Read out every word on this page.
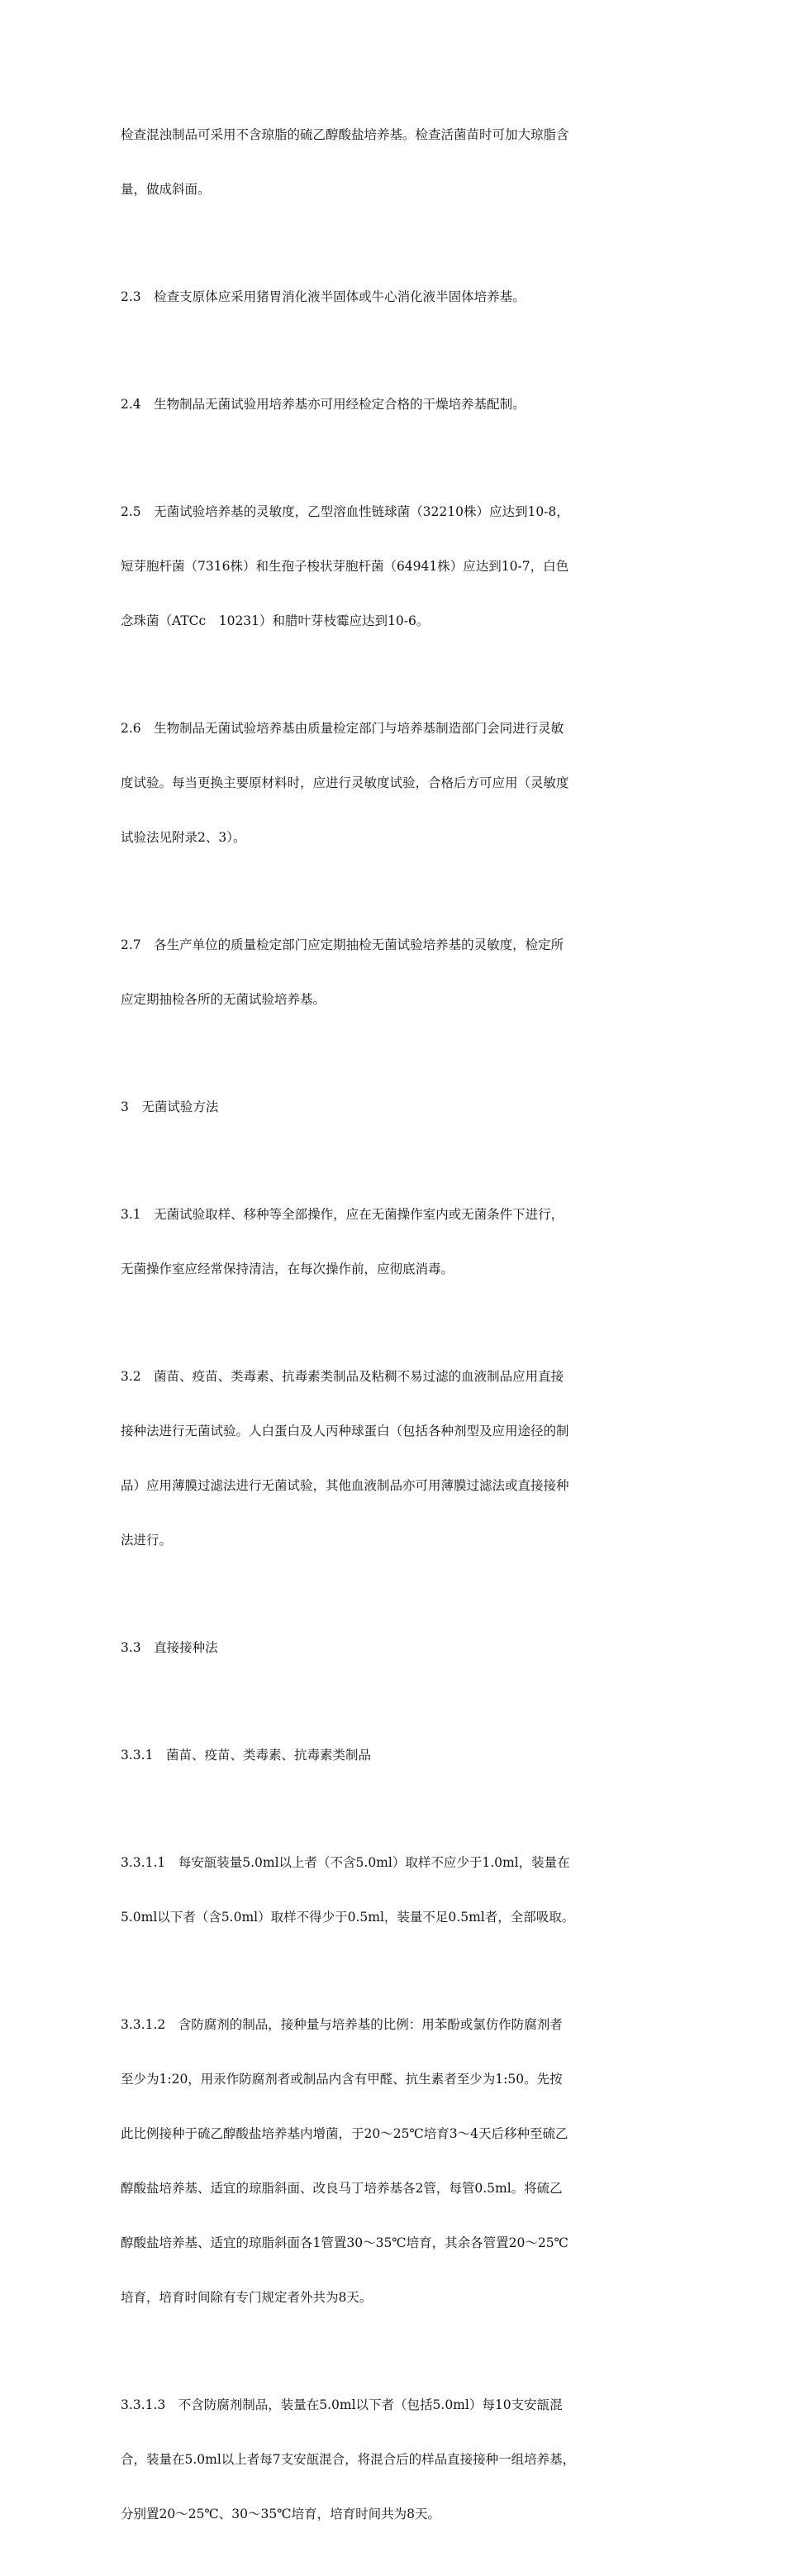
检查混浊制品可采用不含琼脂的硫乙醇酸盐培养基。检查活菌苗时可加大琼脂含

量，做成斜面。

2.3　检查支原体应采用猪胃消化液半固体或牛心消化液半固体培养基。

2.4　生物制品无菌试验用培养基亦可用经检定合格的干燥培养基配制。

2.5　无菌试验培养基的灵敏度，乙型溶血性链球菌（32210株）应达到10-8，

短芽胞杆菌（7316株）和生孢子梭状芽胞杆菌（64941株）应达到10-7，白色

念珠菌（ATCc　10231）和腊叶芽枝霉应达到10-6。

2.6　生物制品无菌试验培养基由质量检定部门与培养基制造部门会同进行灵敏

度试验。每当更换主要原材料时，应进行灵敏度试验，合格后方可应用（灵敏度

试验法见附录2、3）。

2.7　各生产单位的质量检定部门应定期抽检无菌试验培养基的灵敏度，检定所

应定期抽检各所的无菌试验培养基。

3　无菌试验方法

3.1　无菌试验取样、移种等全部操作，应在无菌操作室内或无菌条件下进行，

无菌操作室应经常保持清洁，在每次操作前，应彻底消毒。

3.2　菌苗、疫苗、类毒素、抗毒素类制品及粘稠不易过滤的血液制品应用直接

接种法进行无菌试验。人白蛋白及人丙种球蛋白（包括各种剂型及应用途径的制

品）应用薄膜过滤法进行无菌试验，其他血液制品亦可用薄膜过滤法或直接接种

法进行。

3.3　直接接种法

3.3.1　菌苗、疫苗、类毒素、抗毒素类制品

3.3.1.1　每安瓿装量5.0ml以上者（不含5.0ml）取样不应少于1.0ml，装量在

5.0ml以下者（含5.0ml）取样不得少于0.5ml，装量不足0.5ml者，全部吸取。

3.3.1.2　含防腐剂的制品，接种量与培养基的比例：用苯酚或氯仿作防腐剂者

至少为1:20，用汞作防腐剂者或制品内含有甲醛、抗生素者至少为1:50。先按

此比例接种于硫乙醇酸盐培养基内增菌，于20～25℃培育3～4天后移种至硫乙

醇酸盐培养基、适宜的琼脂斜面、改良马丁培养基各2管，每管0.5ml。将硫乙

醇酸盐培养基、适宜的琼脂斜面各1管置30～35℃培育，其余各管置20～25℃

培育，培育时间除有专门规定者外共为8天。

3.3.1.3　不含防腐剂制品，装量在5.0ml以下者（包括5.0ml）每10支安瓿混

合，装量在5.0ml以上者每7支安瓿混合，将混合后的样品直接接种一组培养基，

分别置20～25℃、30～35℃培育，培育时间共为8天。
